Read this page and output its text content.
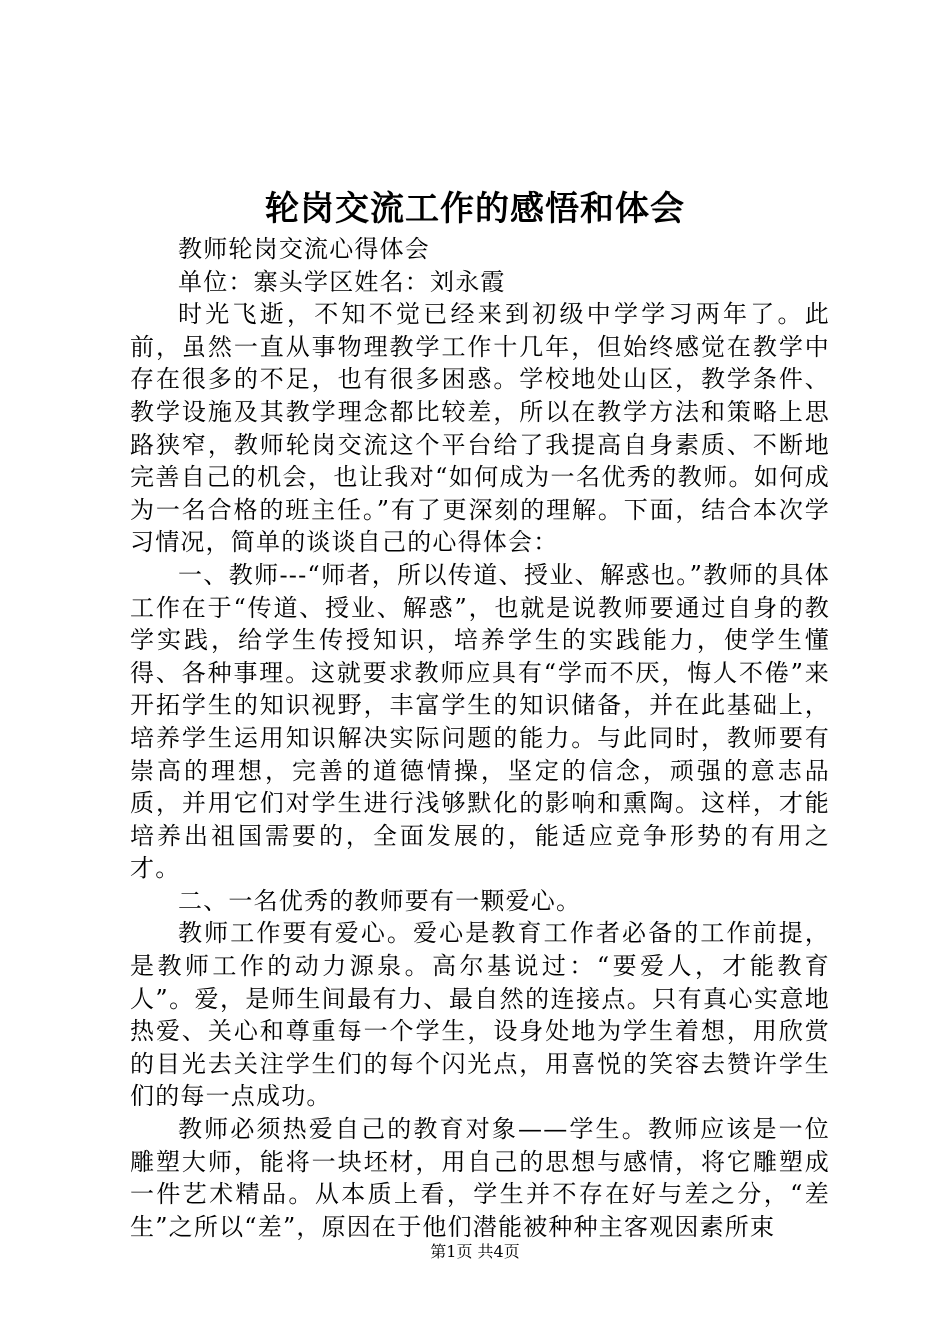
轮岗交流工作的感悟和体会

教师轮岗交流心得体会

单位：寨头学区姓名：刘永霞

时光飞逝，不知不觉已经来到初级中学学习两年了。此前，虽然一直从事物理教学工作十几年，但始终感觉在教学中存在很多的不足，也有很多困惑。学校地处山区，教学条件、教学设施及其教学理念都比较差，所以在教学方法和策略上思路狭窄，教师轮岗交流这个平台给了我提高自身素质、不断地完善自己的机会，也让我对“如何成为一名优秀的教师。如何成为一名合格的班主任。”有了更深刻的理解。下面，结合本次学习情况，简单的谈谈自己的心得体会：

一、教师---“师者，所以传道、授业、解惑也。”教师的具体工作在于“传道、授业、解惑”，也就是说教师要通过自身的教学实践，给学生传授知识，培养学生的实践能力，使学生懂得、各种事理。这就要求教师应具有“学而不厌，悔人不倦”来开拓学生的知识视野，丰富学生的知识储备，并在此基础上，培养学生运用知识解决实际问题的能力。与此同时，教师要有崇高的理想，完善的道德情操，坚定的信念，顽强的意志品质，并用它们对学生进行浅够默化的影响和熏陶。这样，才能培养出祖国需要的，全面发展的，能适应竞争形势的有用之才。

二、一名优秀的教师要有一颗爱心。

教师工作要有爱心。爱心是教育工作者必备的工作前提，是教师工作的动力源泉。高尔基说过：“要爱人，才能教育人”。爱，是师生间最有力、最自然的连接点。只有真心实意地热爱、关心和尊重每一个学生，设身处地为学生着想，用欣赏的目光去关注学生们的每个闪光点，用喜悦的笑容去赞许学生们的每一点成功。

教师必须热爱自己的教育对象——学生。教师应该是一位雕塑大师，能将一块坯材，用自己的思想与感情，将它雕塑成一件艺术精品。从本质上看，学生并不存在好与差之分，“差生”之所以“差”，原因在于他们潜能被种种主客观因素所束

第1页 共4页
